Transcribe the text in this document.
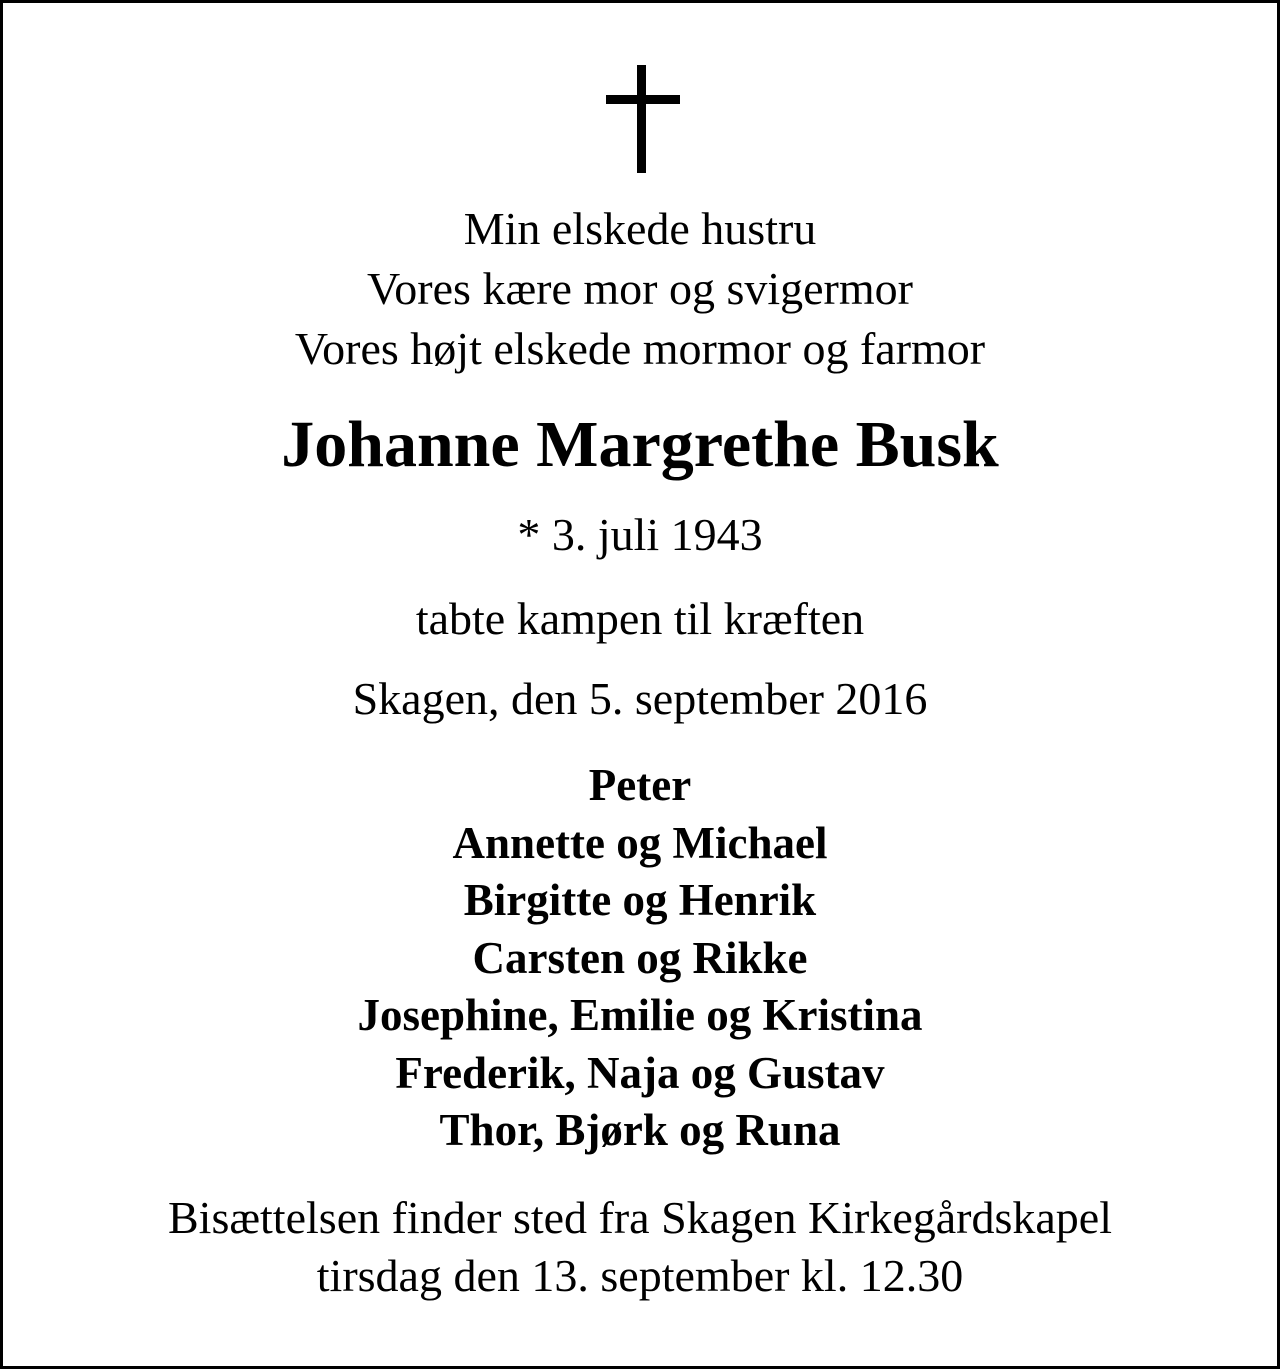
Min elskede hustru
Vores kære mor og svigermor
Vores højt elskede mormor og farmor
Johanne Margrethe Busk
* 3. juli 1943
tabte kampen til kræften
Skagen, den 5. september 2016
Peter
Annette og Michael
Birgitte og Henrik
Carsten og Rikke
Josephine, Emilie og Kristina
Frederik, Naja og Gustav
Thor, Bjørk og Runa
Bisættelsen finder sted fra Skagen Kirkegårdskapel
tirsdag den 13. september kl. 12.30
